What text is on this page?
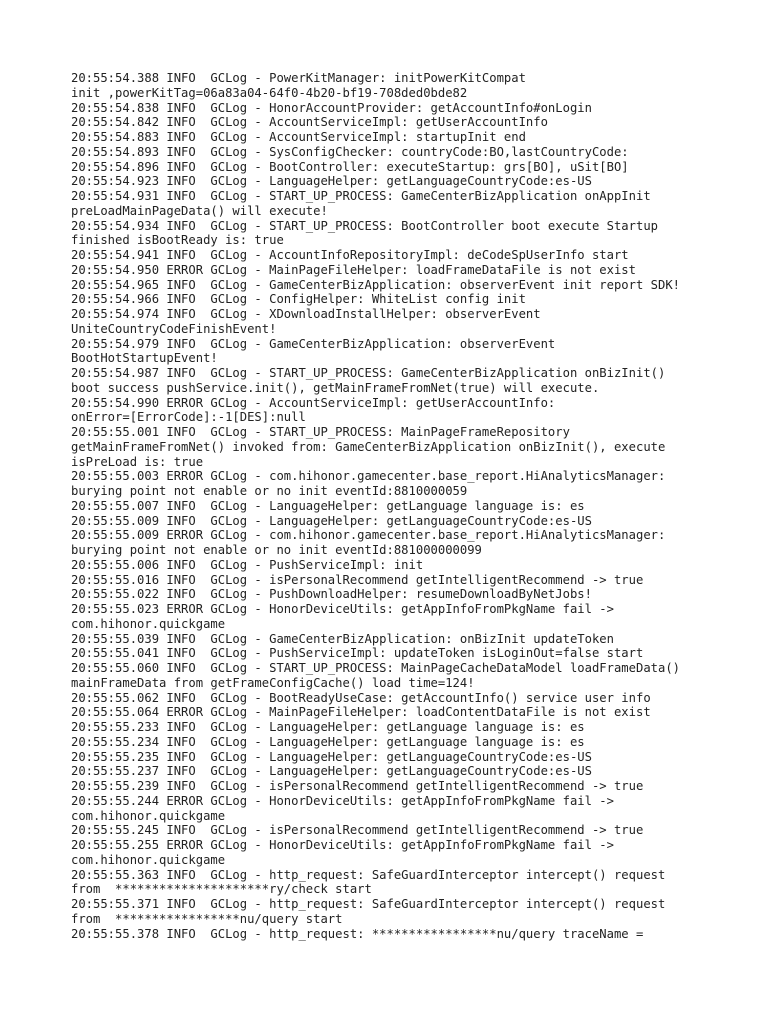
20:55:54.388 INFO  GCLog - PowerKitManager: initPowerKitCompat
init ,powerKitTag=06a83a04-64f0-4b20-bf19-708ded0bde82
20:55:54.838 INFO  GCLog - HonorAccountProvider: getAccountInfo#onLogin
20:55:54.842 INFO  GCLog - AccountServiceImpl: getUserAccountInfo
20:55:54.883 INFO  GCLog - AccountServiceImpl: startupInit end
20:55:54.893 INFO  GCLog - SysConfigChecker: countryCode:BO,lastCountryCode:
20:55:54.896 INFO  GCLog - BootController: executeStartup: grs[BO], uSit[BO]
20:55:54.923 INFO  GCLog - LanguageHelper: getLanguageCountryCode:es-US
20:55:54.931 INFO  GCLog - START_UP_PROCESS: GameCenterBizApplication onAppInit
preLoadMainPageData() will execute!
20:55:54.934 INFO  GCLog - START_UP_PROCESS: BootController boot execute Startup
finished isBootReady is: true
20:55:54.941 INFO  GCLog - AccountInfoRepositoryImpl: deCodeSpUserInfo start
20:55:54.950 ERROR GCLog - MainPageFileHelper: loadFrameDataFile is not exist
20:55:54.965 INFO  GCLog - GameCenterBizApplication: observerEvent init report SDK!
20:55:54.966 INFO  GCLog - ConfigHelper: WhiteList config init
20:55:54.974 INFO  GCLog - XDownloadInstallHelper: observerEvent
UniteCountryCodeFinishEvent!
20:55:54.979 INFO  GCLog - GameCenterBizApplication: observerEvent
BootHotStartupEvent!
20:55:54.987 INFO  GCLog - START_UP_PROCESS: GameCenterBizApplication onBizInit()
boot success pushService.init(), getMainFrameFromNet(true) will execute.
20:55:54.990 ERROR GCLog - AccountServiceImpl: getUserAccountInfo:
onError=[ErrorCode]:-1[DES]:null
20:55:55.001 INFO  GCLog - START_UP_PROCESS: MainPageFrameRepository
getMainFrameFromNet() invoked from: GameCenterBizApplication onBizInit(), execute
isPreLoad is: true
20:55:55.003 ERROR GCLog - com.hihonor.gamecenter.base_report.HiAnalyticsManager:
burying point not enable or no init eventId:8810000059
20:55:55.007 INFO  GCLog - LanguageHelper: getLanguage language is: es
20:55:55.009 INFO  GCLog - LanguageHelper: getLanguageCountryCode:es-US
20:55:55.009 ERROR GCLog - com.hihonor.gamecenter.base_report.HiAnalyticsManager:
burying point not enable or no init eventId:881000000099
20:55:55.006 INFO  GCLog - PushServiceImpl: init
20:55:55.016 INFO  GCLog - isPersonalRecommend getIntelligentRecommend -> true
20:55:55.022 INFO  GCLog - PushDownloadHelper: resumeDownloadByNetJobs!
20:55:55.023 ERROR GCLog - HonorDeviceUtils: getAppInfoFromPkgName fail ->
com.hihonor.quickgame
20:55:55.039 INFO  GCLog - GameCenterBizApplication: onBizInit updateToken
20:55:55.041 INFO  GCLog - PushServiceImpl: updateToken isLoginOut=false start
20:55:55.060 INFO  GCLog - START_UP_PROCESS: MainPageCacheDataModel loadFrameData()
mainFrameData from getFrameConfigCache() load time=124!
20:55:55.062 INFO  GCLog - BootReadyUseCase: getAccountInfo() service user info
20:55:55.064 ERROR GCLog - MainPageFileHelper: loadContentDataFile is not exist
20:55:55.233 INFO  GCLog - LanguageHelper: getLanguage language is: es
20:55:55.234 INFO  GCLog - LanguageHelper: getLanguage language is: es
20:55:55.235 INFO  GCLog - LanguageHelper: getLanguageCountryCode:es-US
20:55:55.237 INFO  GCLog - LanguageHelper: getLanguageCountryCode:es-US
20:55:55.239 INFO  GCLog - isPersonalRecommend getIntelligentRecommend -> true
20:55:55.244 ERROR GCLog - HonorDeviceUtils: getAppInfoFromPkgName fail ->
com.hihonor.quickgame
20:55:55.245 INFO  GCLog - isPersonalRecommend getIntelligentRecommend -> true
20:55:55.255 ERROR GCLog - HonorDeviceUtils: getAppInfoFromPkgName fail ->
com.hihonor.quickgame
20:55:55.363 INFO  GCLog - http_request: SafeGuardInterceptor intercept() request
from  *********************ry/check start
20:55:55.371 INFO  GCLog - http_request: SafeGuardInterceptor intercept() request
from  *****************nu/query start
20:55:55.378 INFO  GCLog - http_request: *****************nu/query traceName =
